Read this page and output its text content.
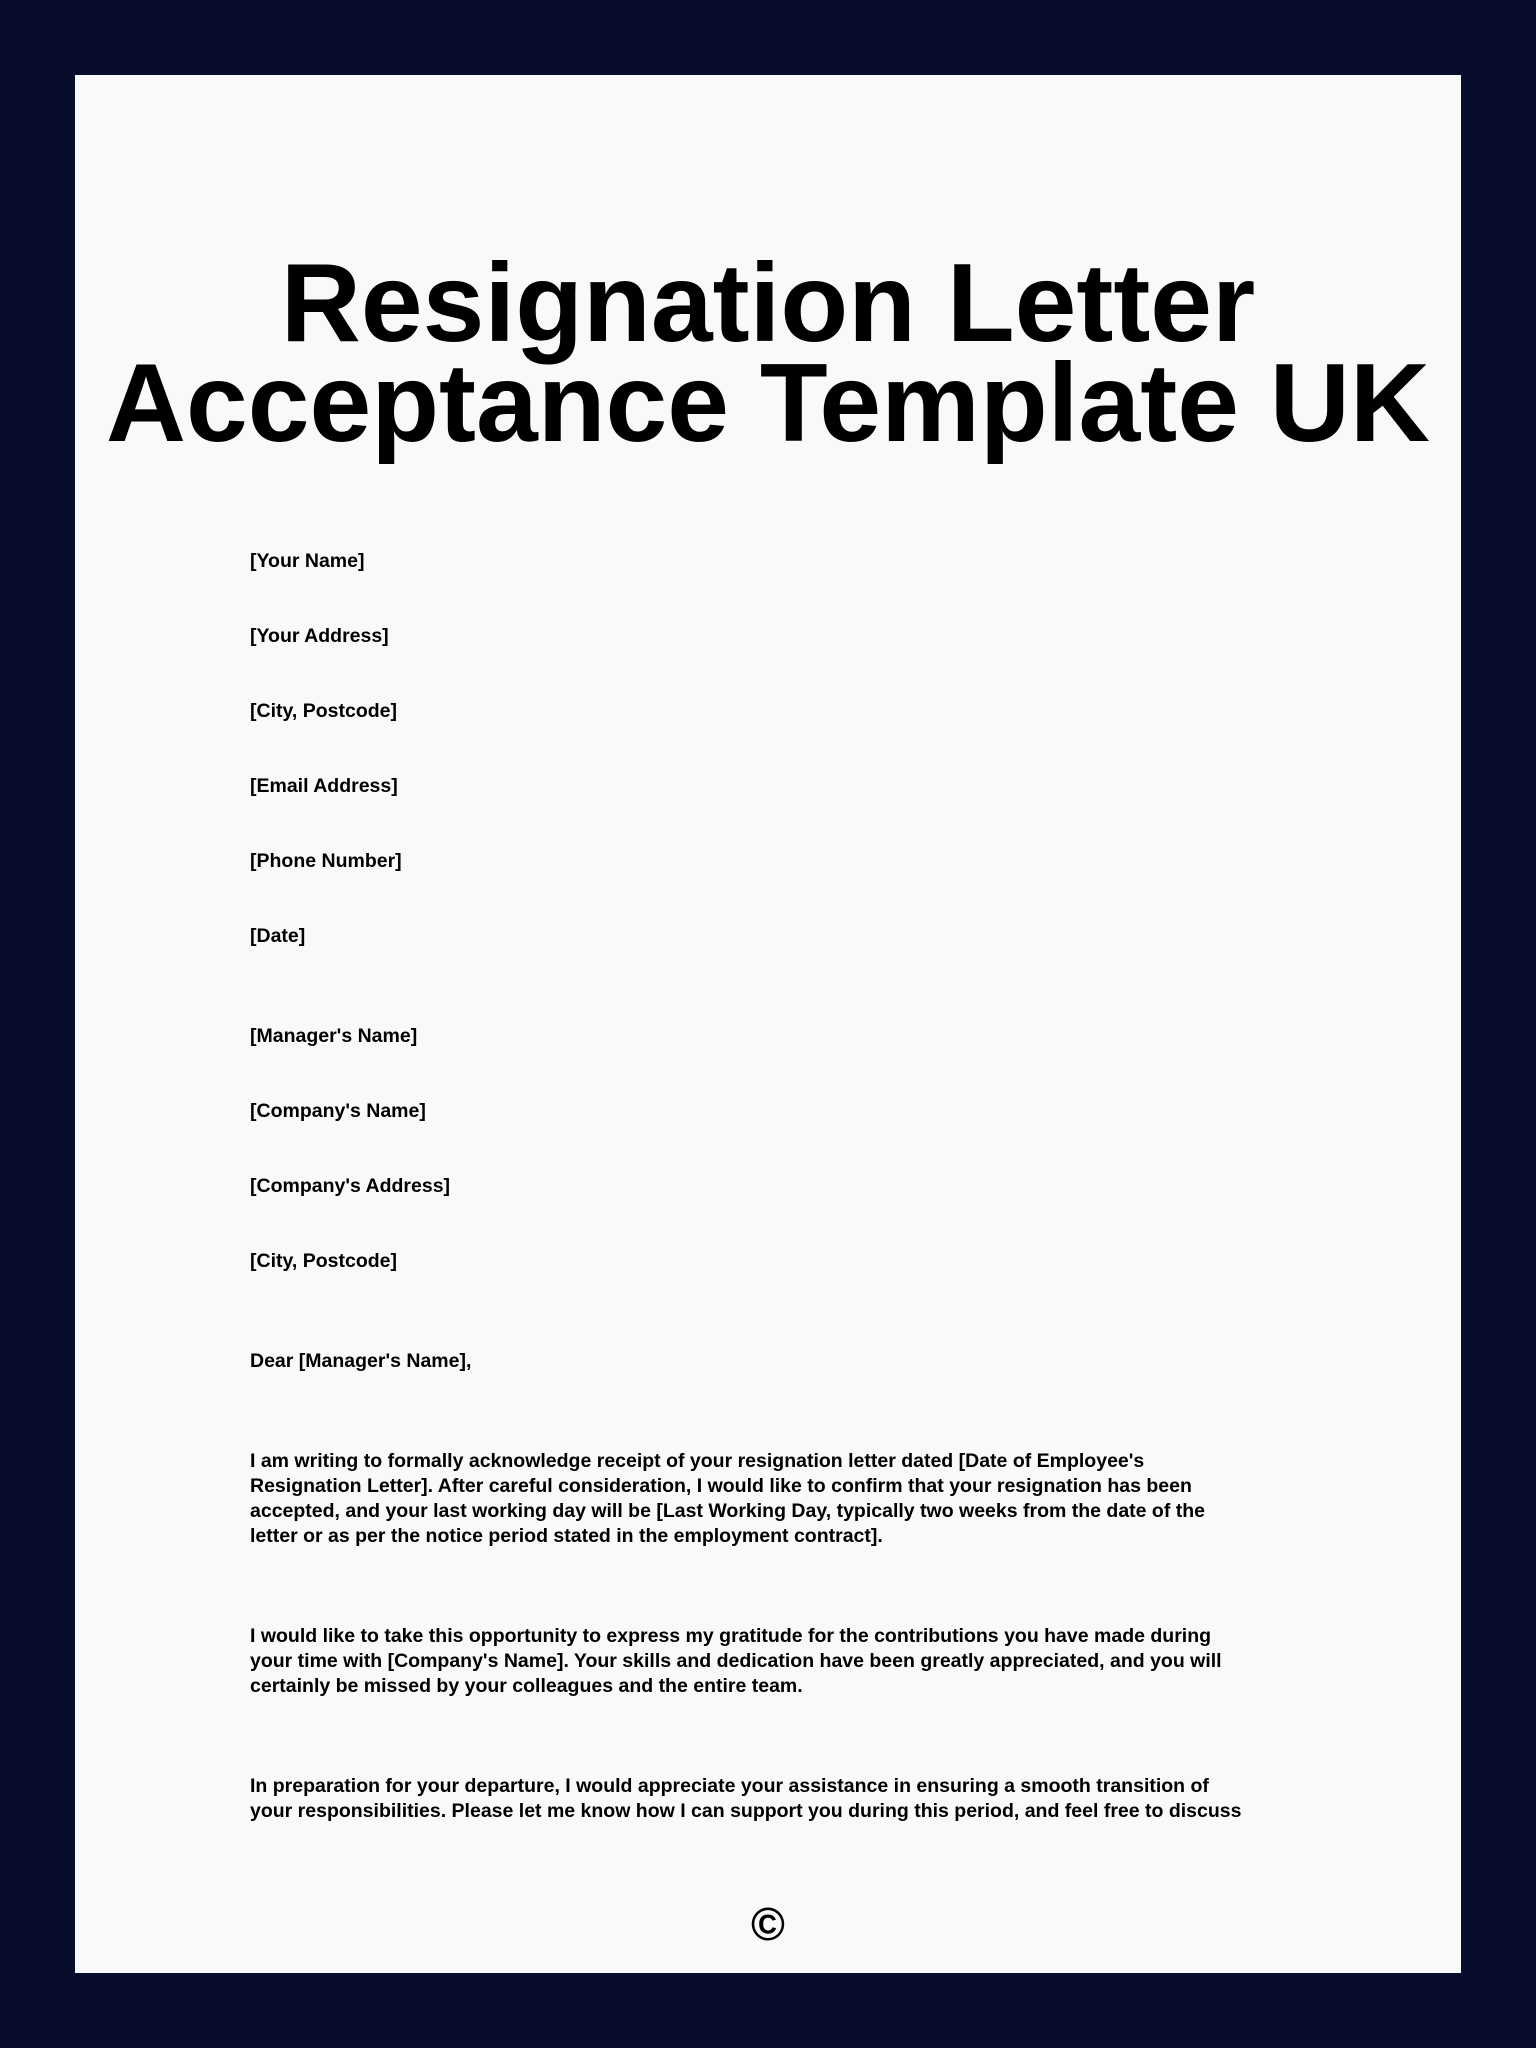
Resignation Letter
Acceptance Template UK

[Your Name]

[Your Address]

[City, Postcode]

[Email Address]

[Phone Number]

[Date]

[Manager's Name]

[Company's Name]

[Company's Address]

[City, Postcode]

Dear [Manager's Name],

I am writing to formally acknowledge receipt of your resignation letter dated [Date of Employee's

Resignation Letter]. After careful consideration, I would like to confirm that your resignation has been

accepted, and your last working day will be [Last Working Day, typically two weeks from the date of the

letter or as per the notice period stated in the employment contract].

I would like to take this opportunity to express my gratitude for the contributions you have made during

your time with [Company's Name]. Your skills and dedication have been greatly appreciated, and you will

certainly be missed by your colleagues and the entire team.

In preparation for your departure, I would appreciate your assistance in ensuring a smooth transition of

your responsibilities. Please let me know how I can support you during this period, and feel free to discuss

©
